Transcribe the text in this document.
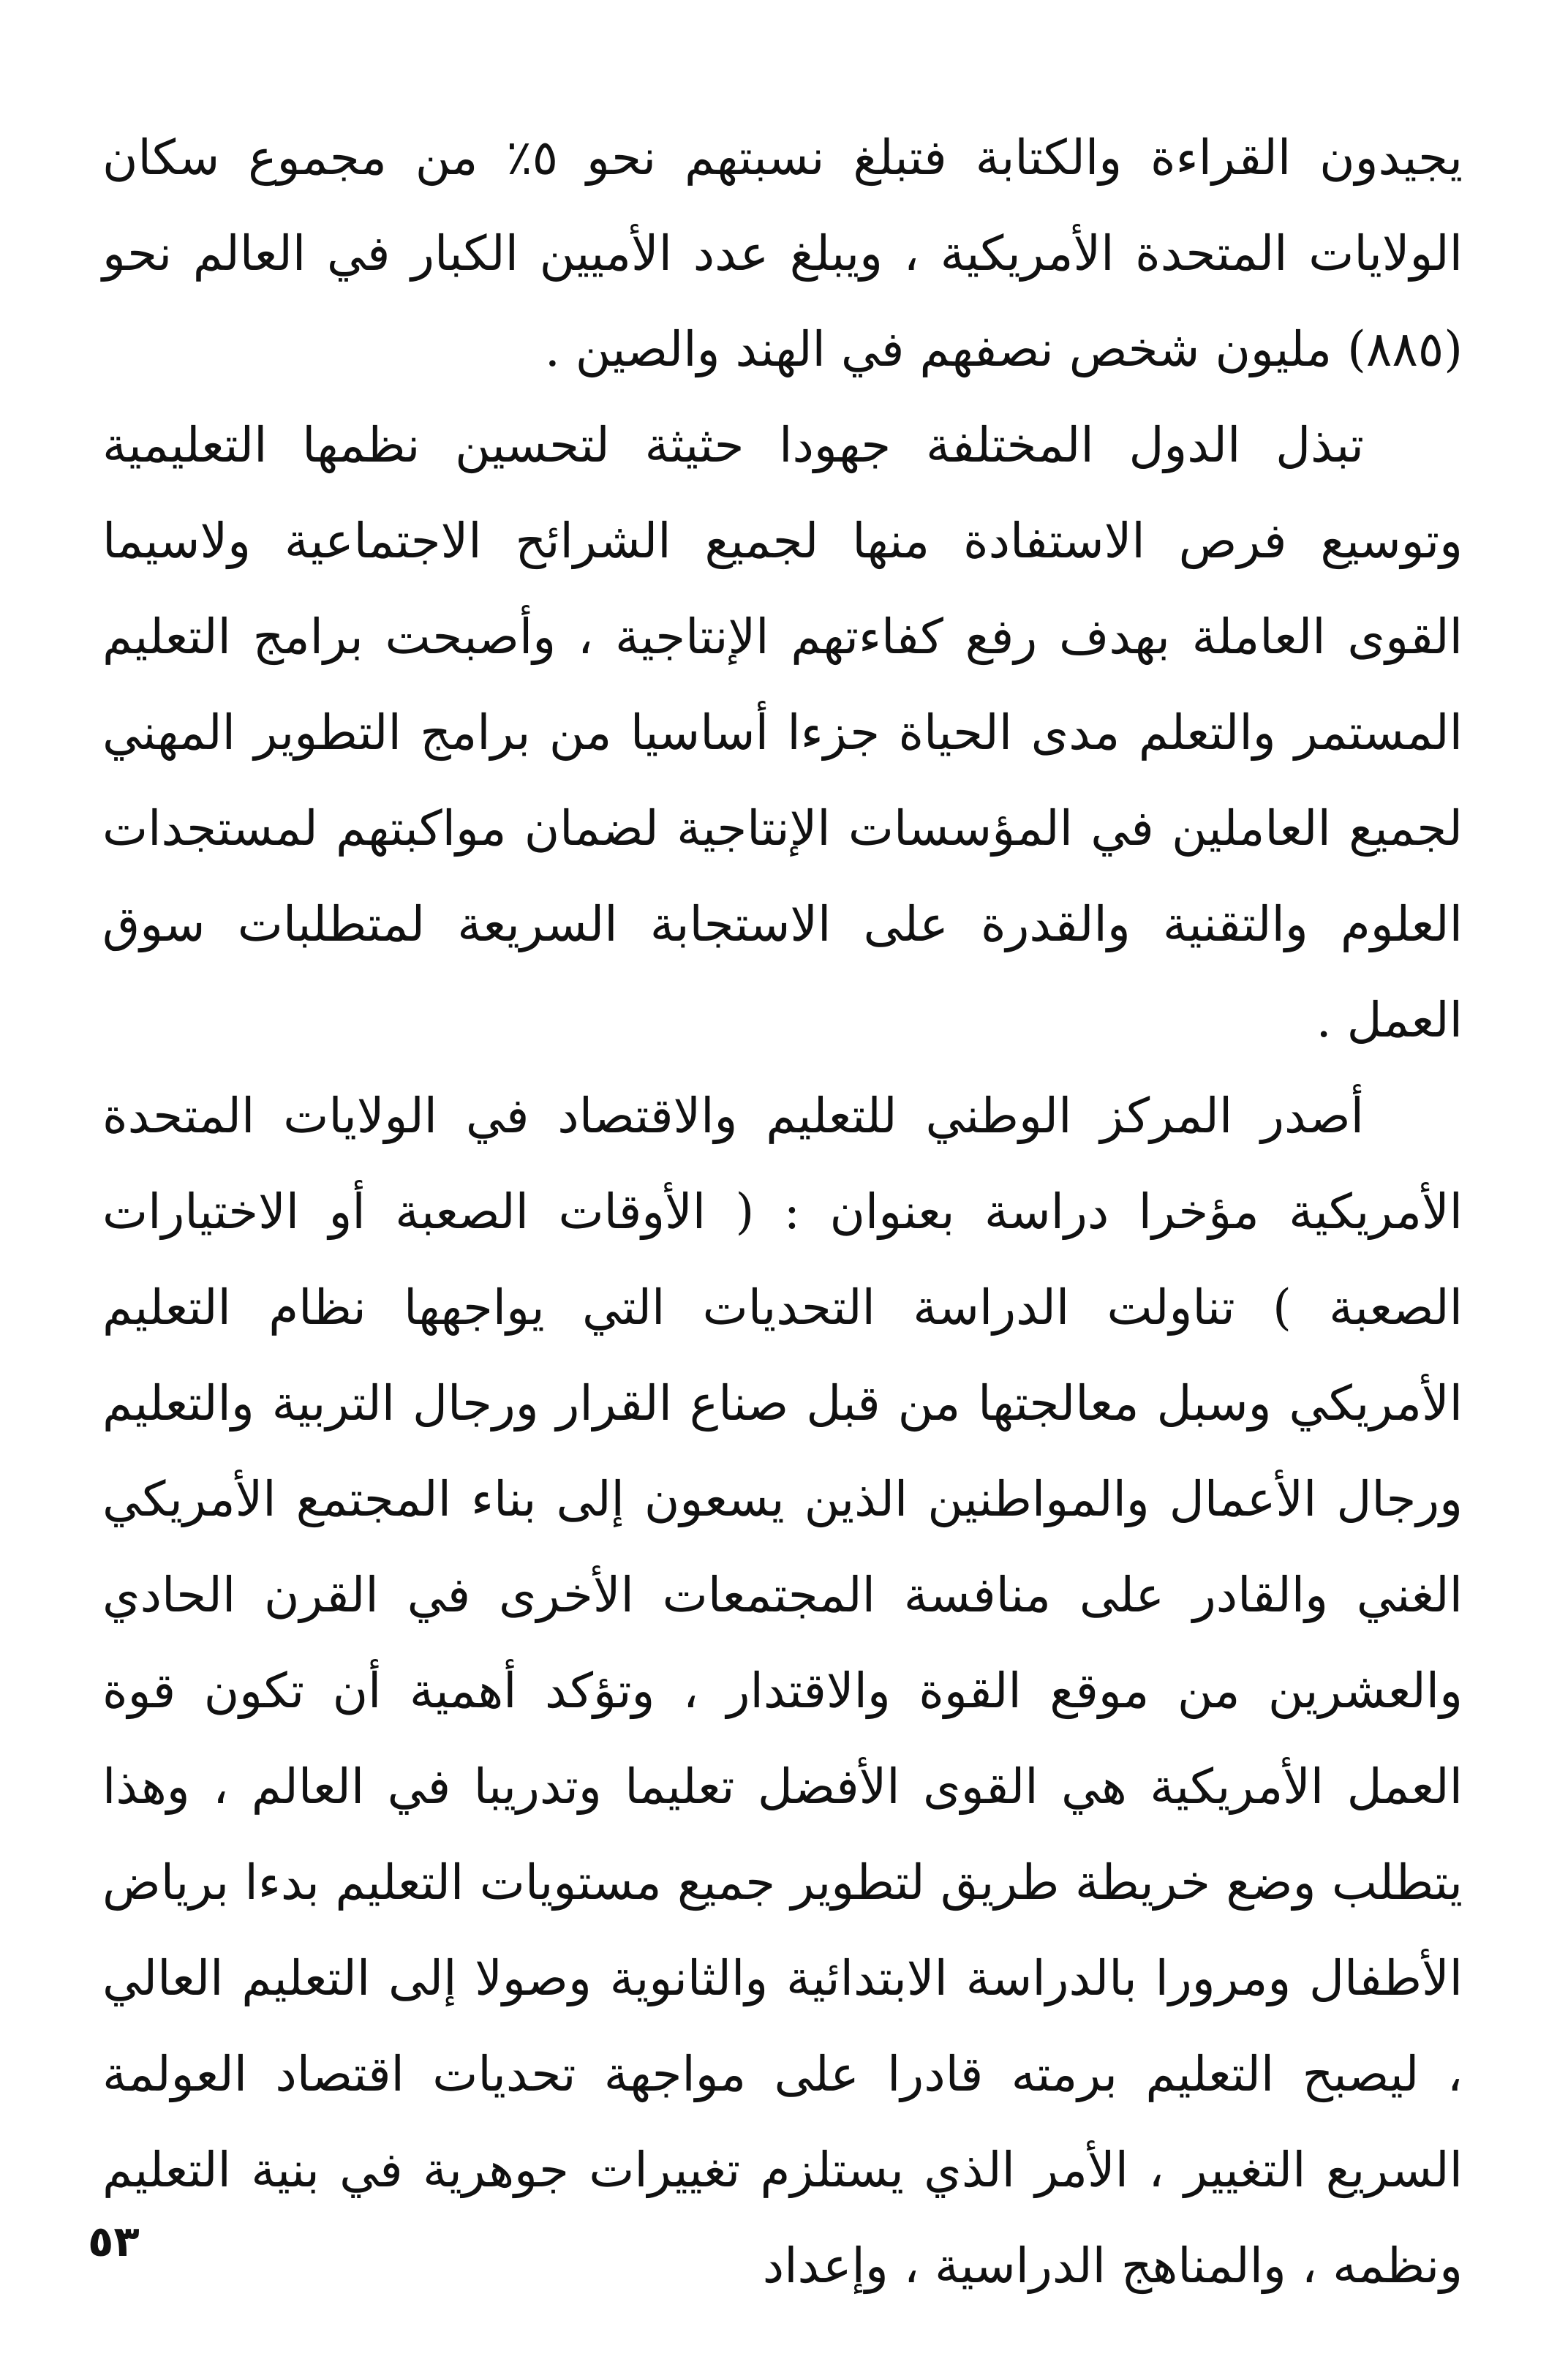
يجيدون القراءة والكتابة فتبلغ نسبتهم نحو ٥٪ من مجموع سكان الولايات المتحدة الأمريكية ، ويبلغ عدد الأميين الكبار في العالم نحو (٨٨٥) مليون شخص نصفهم في الهند والصين .

تبذل الدول المختلفة جهودا حثيثة لتحسين نظمها التعليمية وتوسيع فرص الاستفادة منها لجميع الشرائح الاجتماعية ولاسيما القوى العاملة بهدف رفع كفاءتهم الإنتاجية ، وأصبحت برامج التعليم المستمر والتعلم مدى الحياة جزءا أساسيا من برامج التطوير المهني لجميع العاملين في المؤسسات الإنتاجية لضمان مواكبتهم لمستجدات العلوم والتقنية والقدرة على الاستجابة السريعة لمتطلبات سوق العمل .

أصدر المركز الوطني للتعليم والاقتصاد في الولايات المتحدة الأمريكية مؤخرا دراسة بعنوان : ( الأوقات الصعبة أو الاختيارات الصعبة ) تناولت الدراسة التحديات التي يواجهها نظام التعليم الأمريكي وسبل معالجتها من قبل صناع القرار ورجال التربية والتعليم ورجال الأعمال والمواطنين الذين يسعون إلى بناء المجتمع الأمريكي الغني والقادر على منافسة المجتمعات الأخرى في القرن الحادي والعشرين من موقع القوة والاقتدار ، وتؤكد أهمية أن تكون قوة العمل الأمريكية هي القوى الأفضل تعليما وتدريبا في العالم ، وهذا يتطلب وضع خريطة طريق لتطوير جميع مستويات التعليم بدءا برياض الأطفال ومرورا بالدراسة الابتدائية والثانوية وصولا إلى التعليم العالي ، ليصبح التعليم برمته قادرا على مواجهة تحديات اقتصاد العولمة السريع التغيير ، الأمر الذي يستلزم تغييرات جوهرية في بنية التعليم ونظمه ، والمناهج الدراسية ، وإعداد

٥٣
